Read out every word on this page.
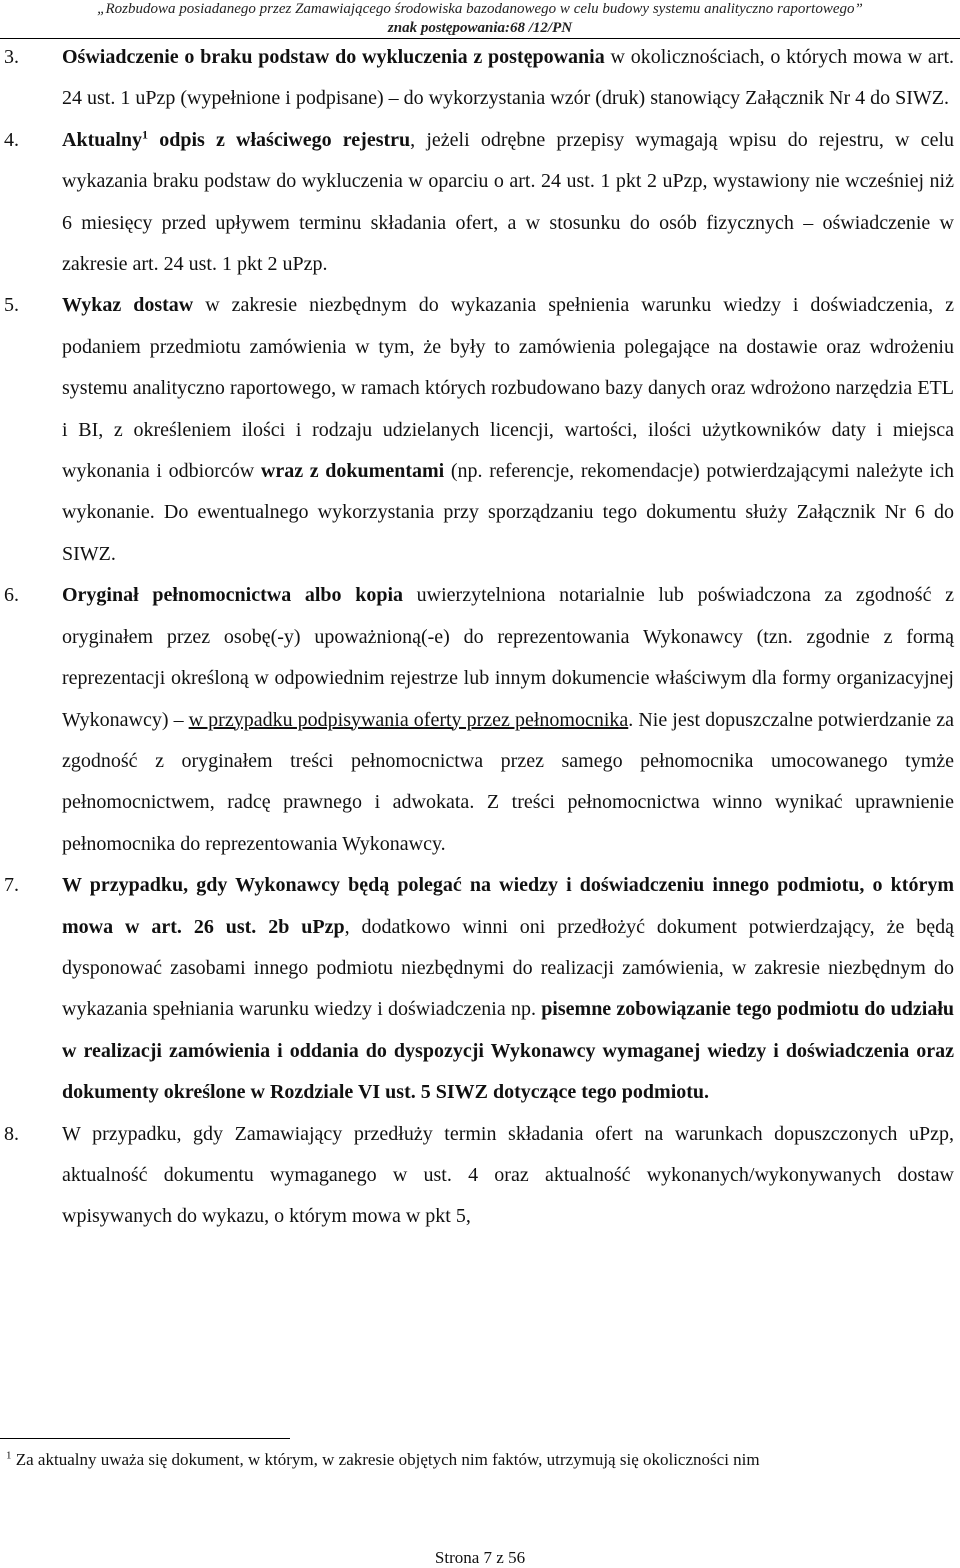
„Rozbudowa posiadanego przez Zamawiającego środowiska bazodanowego w celu budowy systemu analityczno raportowego”
znak postępowania:68 /12/PN
3. Oświadczenie o braku podstaw do wykluczenia z postępowania w okolicznościach, o których mowa w art. 24 ust. 1 uPzp (wypełnione i podpisane) – do wykorzystania wzór (druk) stanowiący Załącznik Nr 4 do SIWZ.
4. Aktualny$^1$ odpis z właściwego rejestru, jeżeli odrębne przepisy wymagają wpisu do rejestru, w celu wykazania braku podstaw do wykluczenia w oparciu o art. 24 ust. 1 pkt 2 uPzp, wystawiony nie wcześniej niż 6 miesięcy przed upływem terminu składania ofert, a w stosunku do osób fizycznych – oświadczenie w zakresie art. 24 ust. 1 pkt 2 uPzp.
5. Wykaz dostaw w zakresie niezbędnym do wykazania spełnienia warunku wiedzy i doświadczenia, z podaniem przedmiotu zamówienia w tym, że były to zamówienia polegające na dostawie oraz wdrożeniu systemu analityczno raportowego, w ramach których rozbudowano bazy danych oraz wdrożono narzędzia ETL i BI, z określeniem ilości i rodzaju udzielanych licencji, wartości, ilości użytkowników daty i miejsca wykonania i odbiorców wraz z dokumentami (np. referencje, rekomendacje) potwierdzającymi należyte ich wykonanie. Do ewentualnego wykorzystania przy sporządzaniu tego dokumentu służy Załącznik Nr 6 do SIWZ.
6. Oryginał pełnomocnictwa albo kopia uwierzytelniona notarialnie lub poświadczona za zgodność z oryginałem przez osobę(-y) upoważnioną(-e) do reprezentowania Wykonawcy (tzn. zgodnie z formą reprezentacji określoną w odpowiednim rejestrze lub innym dokumencie właściwym dla formy organizacyjnej Wykonawcy) – w przypadku podpisywania oferty przez pełnomocnika. Nie jest dopuszczalne potwierdzanie za zgodność z oryginałem treści pełnomocnictwa przez samego pełnomocnika umocowanego tymże pełnomocnictwem, radcę prawnego i adwokata. Z treści pełnomocnictwa winno wynikać uprawnienie pełnomocnika do reprezentowania Wykonawcy.
7. W przypadku, gdy Wykonawcy będą polegać na wiedzy i doświadczeniu innego podmiotu, o którym mowa w art. 26 ust. 2b uPzp, dodatkowo winni oni przedłożyć dokument potwierdzający, że będą dysponować zasobami innego podmiotu niezbędnymi do realizacji zamówienia, w zakresie niezbędnym do wykazania spełniania warunku wiedzy i doświadczenia np. pisemne zobowiązanie tego podmiotu do udziału w realizacji zamówienia i oddania do dyspozycji Wykonawcy wymaganej wiedzy i doświadczenia oraz dokumenty określone w Rozdziale VI ust. 5 SIWZ dotyczące tego podmiotu.
8. W przypadku, gdy Zamawiający przedłuży termin składania ofert na warunkach dopuszczonych uPzp, aktualność dokumentu wymaganego w ust. 4 oraz aktualność wykonanych/wykonywanych dostaw wpisywanych do wykazu, o którym mowa w pkt 5,
$^1$ Za aktualny uważa się dokument, w którym, w zakresie objętych nim faktów, utrzymują się okoliczności nim
Strona 7 z 56
